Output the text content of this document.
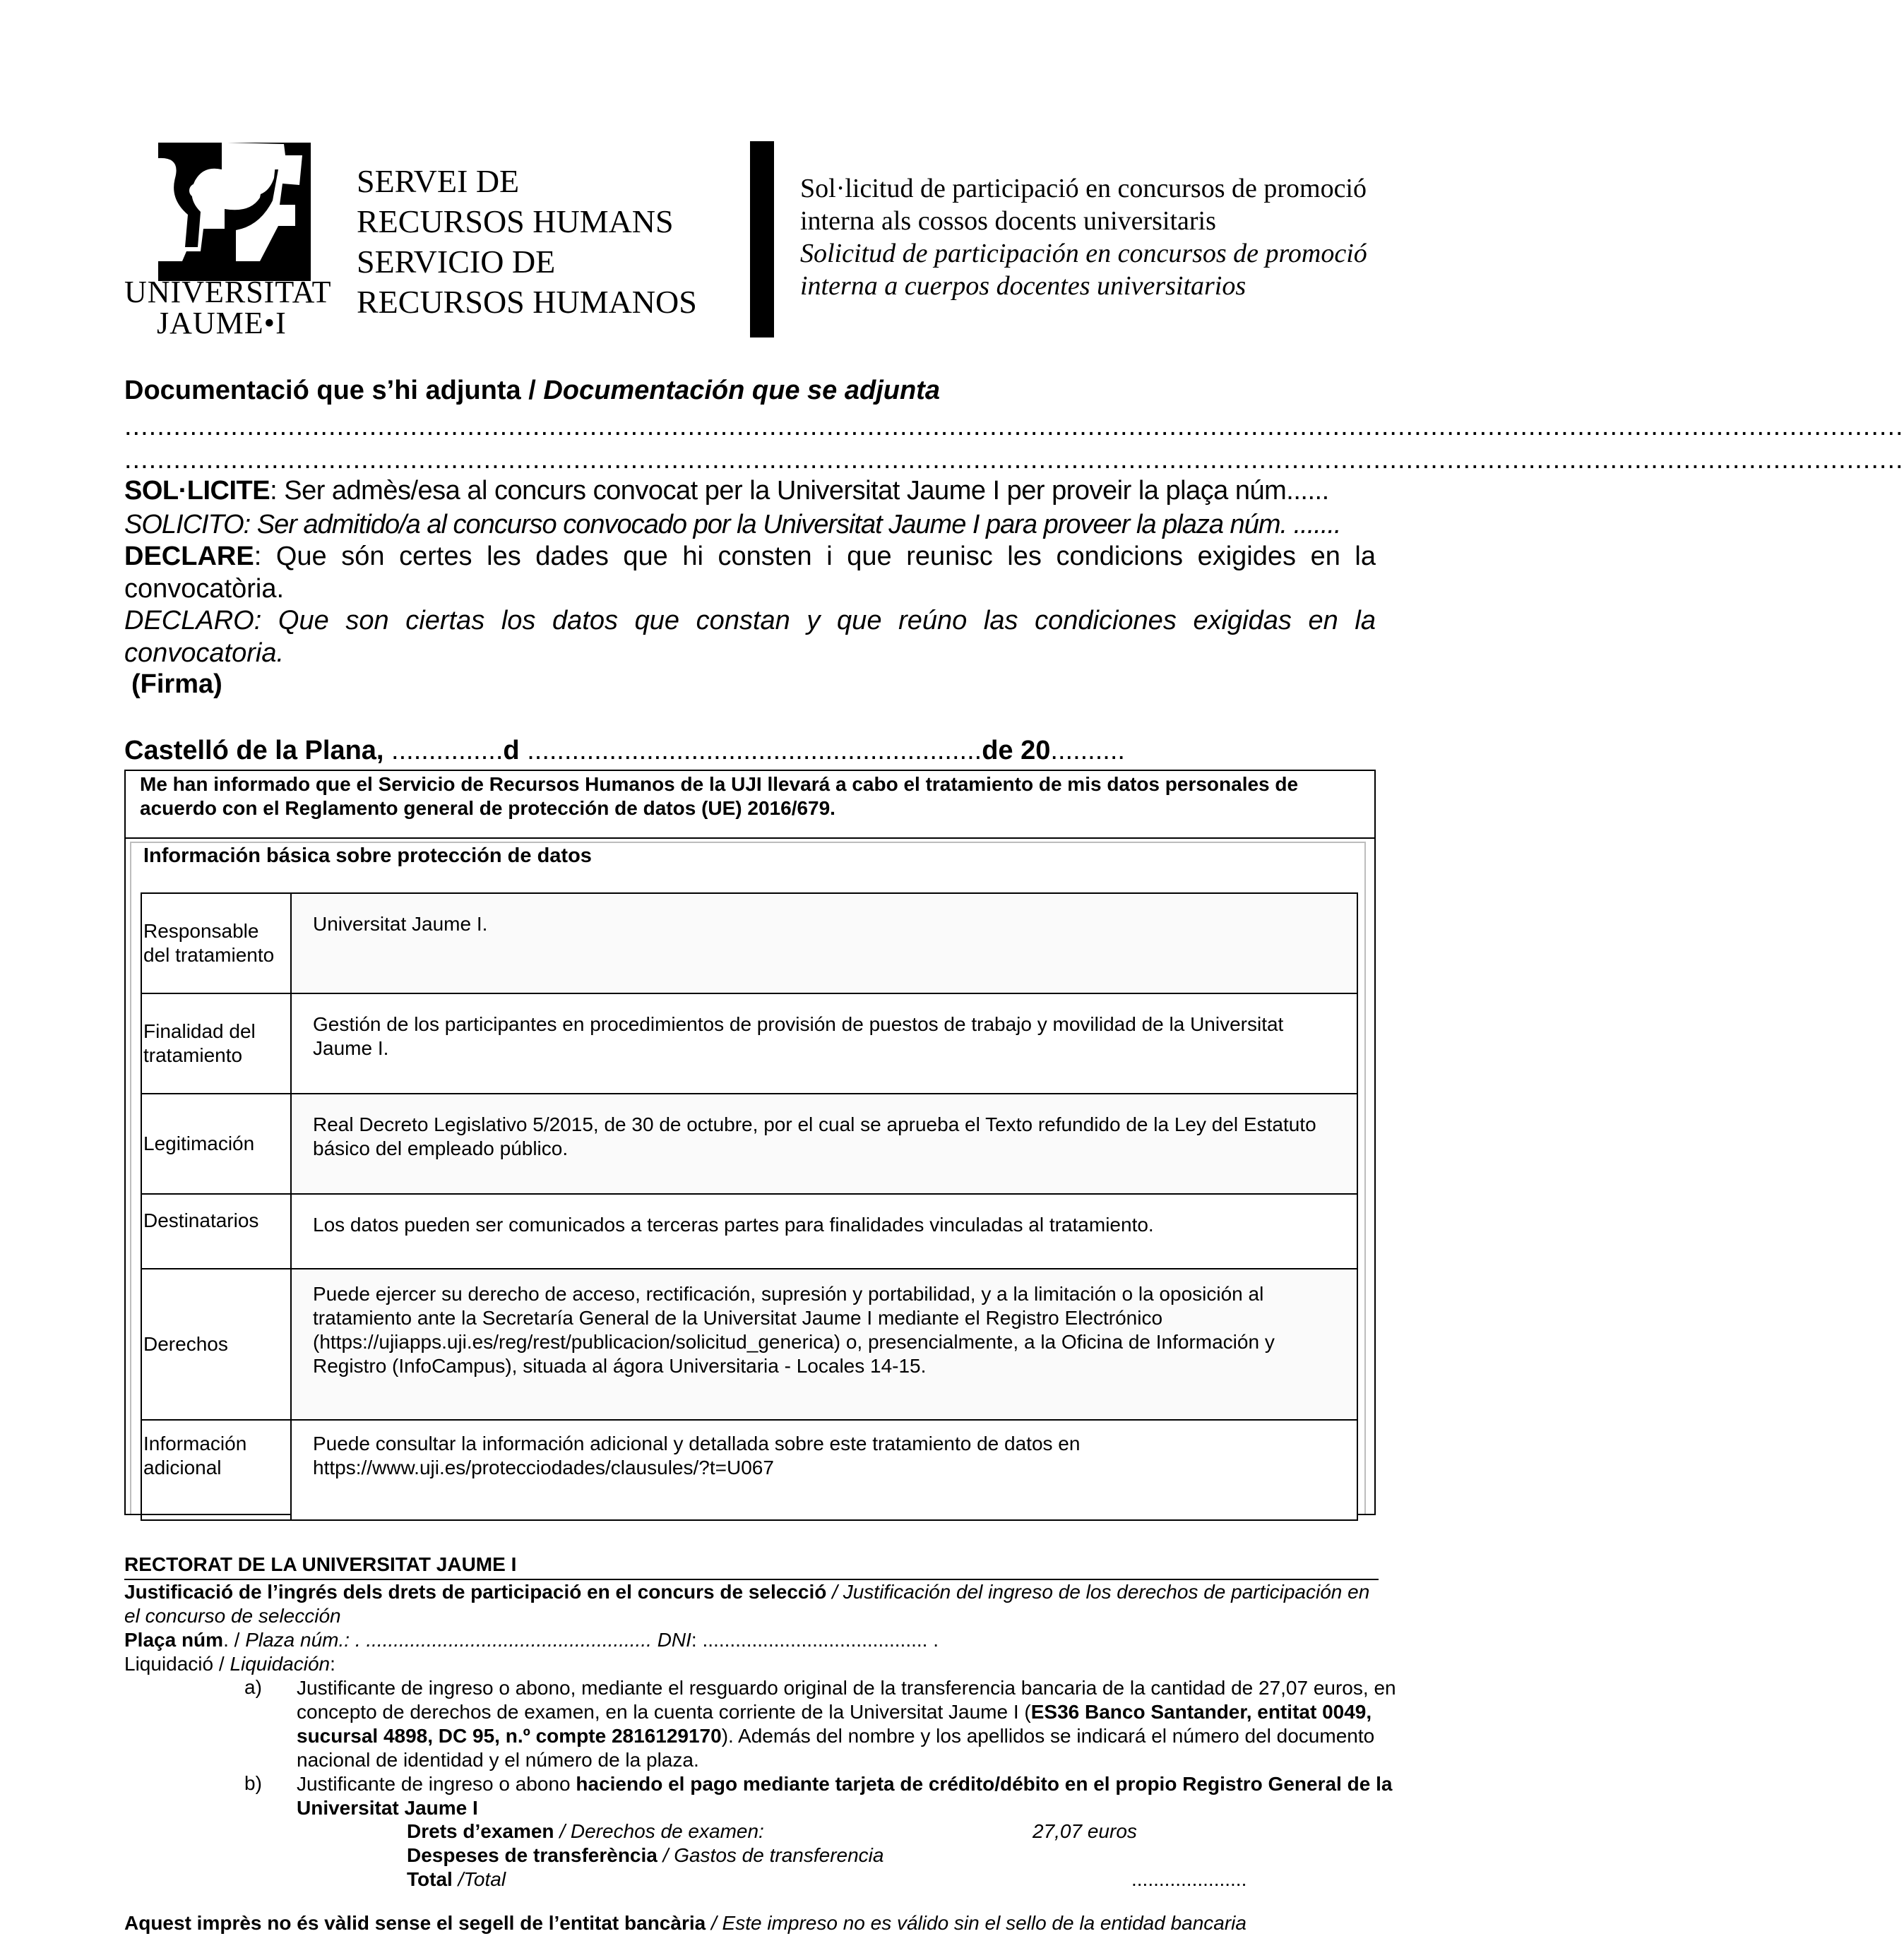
UNIVERSITAT
JAUME•I
SERVEI DE
RECURSOS HUMANS
SERVICIO DE
RECURSOS HUMANOS
Sol·licitud de participació en concursos de promoció
interna als cossos docents universitaris
Solicitud de participación en concursos de promoció
interna a cuerpos docentes universitarios
Documentació que s’hi adjunta / Documentación que se adjunta
..........................................................................................................................................................................................................................
..........................................................................................................................................................................................................................
SOL·LICITE: Ser admès/esa al concurs convocat per la Universitat Jaume I per proveir la plaça núm......
SOLICITO: Ser admitido/a al concurso convocado por la Universitat Jaume I para proveer la plaza núm. .......
DECLARE: Que són certes les dades que hi consten i que reunisc les condicions exigides en la convocatòria.
DECLARO: Que son ciertas los datos que constan y que reúno las condiciones exigidas en la convocatoria.
(Firma)
Castelló de la Plana, ...............d .............................................................de 20..........
Me han informado que el Servicio de Recursos Humanos de la UJI llevará a cabo el tratamiento de mis datos personales de acuerdo con el Reglamento general de protección de datos (UE) 2016/679.
Información básica sobre protección de datos
Responsable del tratamiento	Universitat Jaume I.
Finalidad del tratamiento	Gestión de los participantes en procedimientos de provisión de puestos de trabajo y movilidad de la Universitat Jaume I.
Legitimación	Real Decreto Legislativo 5/2015, de 30 de octubre, por el cual se aprueba el Texto refundido de la Ley del Estatuto básico del empleado público.
Destinatarios	Los datos pueden ser comunicados a terceras partes para finalidades vinculadas al tratamiento.
Derechos	Puede ejercer su derecho de acceso, rectificación, supresión y portabilidad, y a la limitación o la oposición al tratamiento ante la Secretaría General de la Universitat Jaume I mediante el Registro Electrónico (https://ujiapps.uji.es/reg/rest/publicacion/solicitud_generica) o, presencialmente, a la Oficina de Información y Registro (InfoCampus), situada al ágora Universitaria - Locales 14-15.
Información adicional	Puede consultar la información adicional y detallada sobre este tratamiento de datos en https://www.uji.es/protecciodades/clausules/?t=U067
RECTORAT DE LA UNIVERSITAT JAUME I
Justificació de l’ingrés dels drets de participació en el concurs de selecció / Justificación del ingreso de los derechos de participación en el concurso de selección
Plaça núm. / Plaza núm.: . .................................................... DNI: ......................................... .
Liquidació / Liquidación:
a) Justificante de ingreso o abono, mediante el resguardo original de la transferencia bancaria de la cantidad de 27,07 euros, en concepto de derechos de examen, en la cuenta corriente de la Universitat Jaume I (ES36 Banco Santander, entitat 0049, sucursal 4898, DC 95, n.º compte 2816129170). Además del nombre y los apellidos se indicará el número del documento nacional de identidad y el número de la plaza.
b) Justificante de ingreso o abono haciendo el pago mediante tarjeta de crédito/débito en el propio Registro General de la Universitat Jaume I
Drets d’examen / Derechos de examen:	27,07 euros
Despeses de transferència / Gastos de transferencia
Total /Total	.....................
Aquest imprès no és vàlid sense el segell de l’entitat bancària / Este impreso no es válido sin el sello de la entidad bancaria
